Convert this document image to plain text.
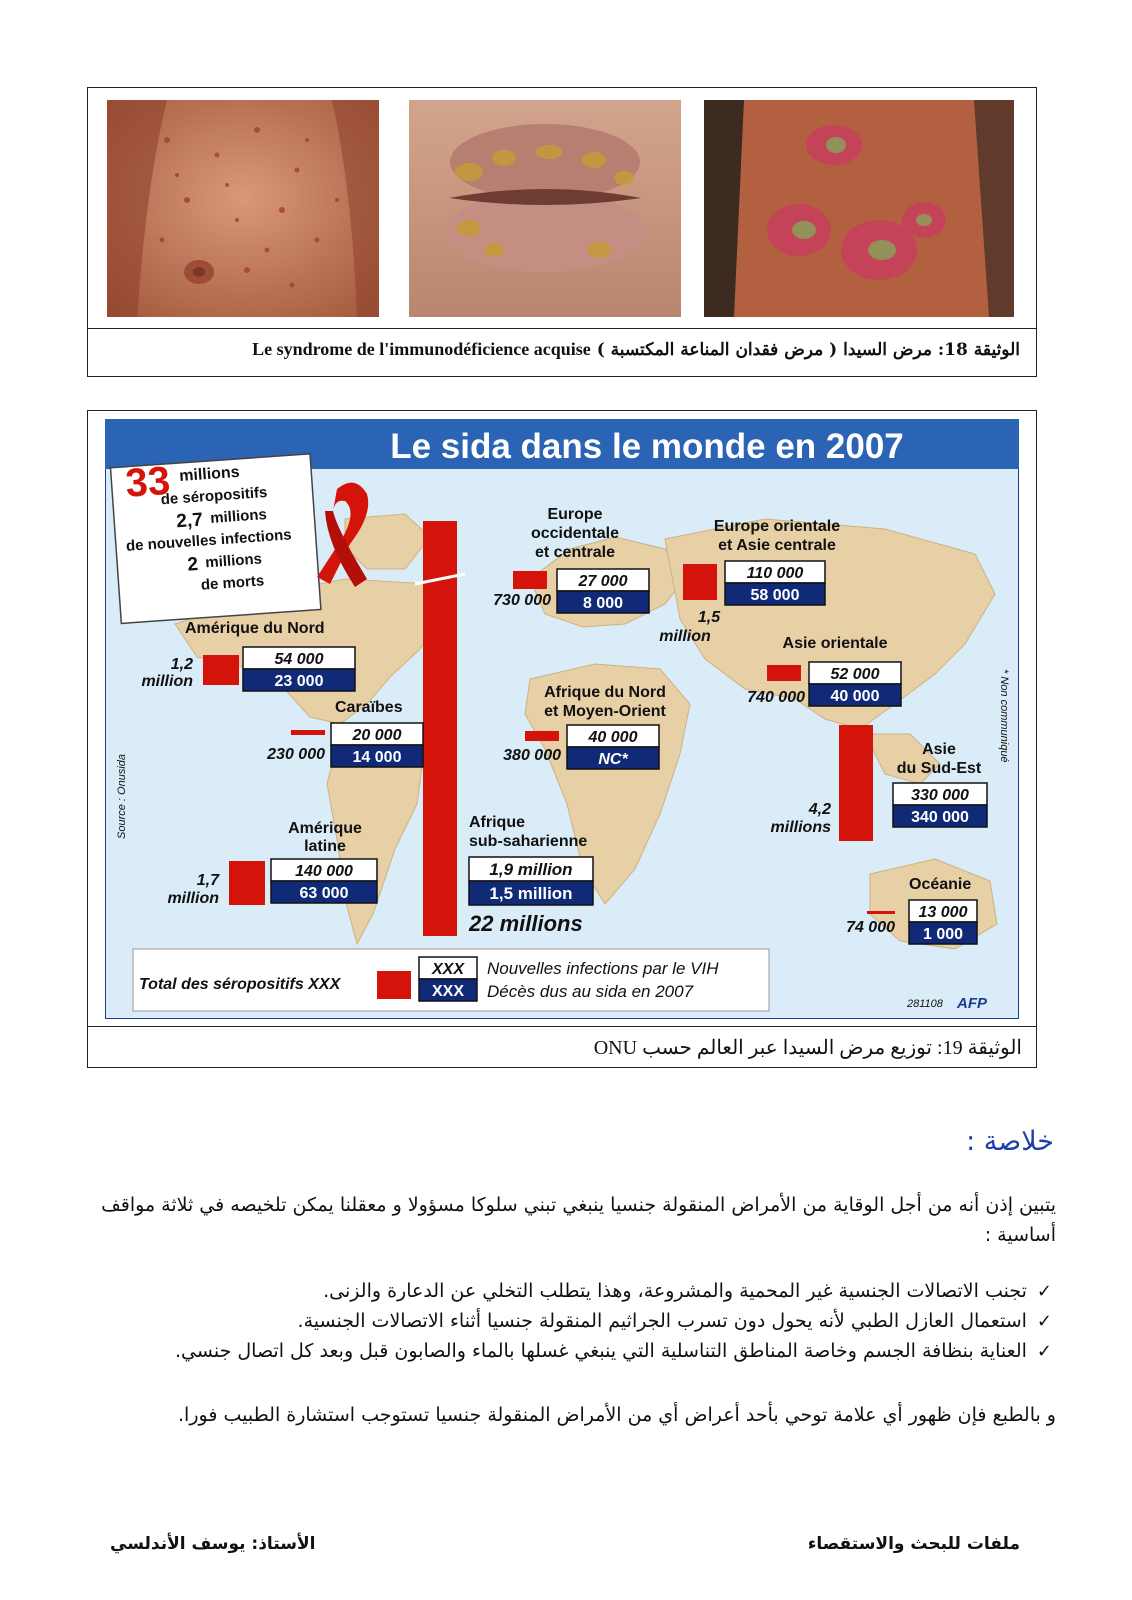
الوثيقة 18: مرض السيدا ( مرض فقدان المناعة المكتسبة ) Le syndrome de l'immunodéficience acquise
Le sida dans le monde en 2007
33 millions
de séropositifs
2,7 millions
de nouvelles infections
2 millions
de morts
Source : Onusida
* Non communiqué
Amérique du Nord
1,2
million
54 000
23 000
Caraïbes
230 000
20 000
14 000
Amérique
latine
1,7
million
140 000
63 000
Europe
occidentale
et centrale
730 000
27 000
8 000
Europe orientale
et Asie centrale
1,5
million
110 000
58 000
Asie orientale
740 000
52 000
40 000
Afrique du Nord
et Moyen-Orient
380 000
40 000
NC*
Afrique
sub-saharienne
1,9 million
1,5 million
22 millions
Asie
du Sud-Est
4,2
millions
330 000
340 000
Océanie
74 000
13 000
1 000
Total des séropositifs XXX
XXX
XXX
Nouvelles infections par le VIH
Décès dus au sida en 2007
281108 AFP
الوثيقة 19: توزيع مرض السيدا عبر العالم حسب ONU
خلاصة :
يتبين إذن أنه من أجل الوقاية من الأمراض المنقولة جنسيا ينبغي تبني سلوكا مسؤولا و معقلنا يمكن تلخيصه في ثلاثة مواقف أساسية :
✓تجنب الاتصالات الجنسية غير المحمية والمشروعة، وهذا يتطلب التخلي عن الدعارة والزنى.
✓استعمال العازل الطبي لأنه يحول دون تسرب الجراثيم المنقولة جنسيا أثناء الاتصالات الجنسية.
✓العناية بنظافة الجسم وخاصة المناطق التناسلية التي ينبغي غسلها بالماء والصابون قبل وبعد كل اتصال جنسي.
و بالطبع فإن ظهور أي علامة توحي بأحد أعراض أي من الأمراض المنقولة جنسيا تستوجب استشارة الطبيب فورا.
ملفات للبحث والاستقصاء
الأستاذ: يوسف الأندلسي
